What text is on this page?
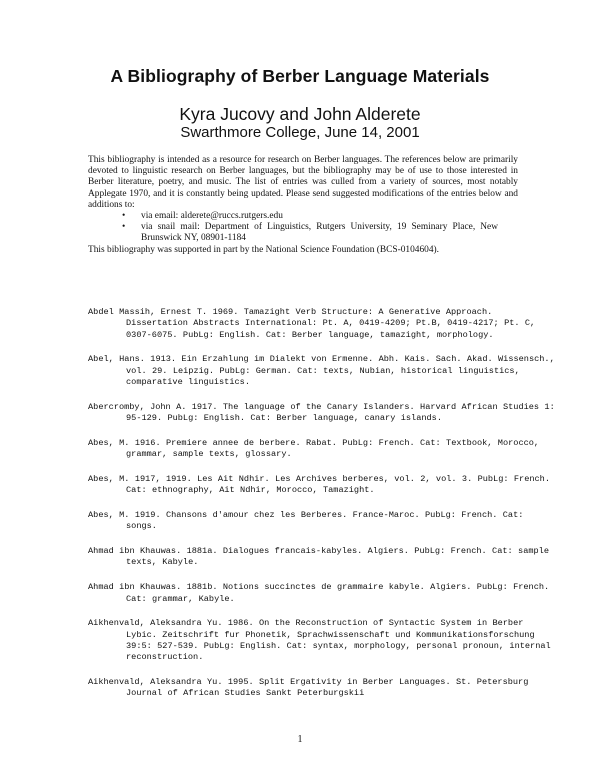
A Bibliography of Berber Language Materials
Kyra Jucovy and John Alderete
Swarthmore College, June 14, 2001

This bibliography is intended as a resource for research on Berber languages. The references below are primarily devoted to linguistic research on Berber languages, but the bibliography may be of use to those interested in Berber literature, poetry, and music. The list of entries was culled from a variety of sources, most notably Applegate 1970, and it is constantly being updated. Please send suggested modifications of the entries below and additions to:

• via email: alderete@ruccs.rutgers.edu
• via snail mail: Department of Linguistics, Rutgers University, 19 Seminary Place, New Brunswick NY, 08901-1184

This bibliography was supported in part by the National Science Foundation (BCS-0104604).

Abdel Massih, Ernest T. 1969. Tamazight Verb Structure: A Generative Approach. Dissertation Abstracts International: Pt. A, 0419-4209; Pt.B, 0419-4217; Pt. C, 0307-6075. PubLg: English. Cat: Berber language, tamazight, morphology.

Abel, Hans. 1913. Ein Erzahlung im Dialekt von Ermenne. Abh. Kais. Sach. Akad. Wissensch., vol. 29. Leipzig. PubLg: German. Cat: texts, Nubian, historical linguistics, comparative linguistics.

Abercromby, John A. 1917. The language of the Canary Islanders. Harvard African Studies 1: 95-129. PubLg: English. Cat: Berber language, canary islands.

Abes, M. 1916. Premiere annee de berbere. Rabat. PubLg: French. Cat: Textbook, Morocco, grammar, sample texts, glossary.

Abes, M. 1917, 1919. Les Ait Ndhir. Les Archives berberes, vol. 2, vol. 3. PubLg: French. Cat: ethnography, Ait Ndhir, Morocco, Tamazight.

Abes, M. 1919. Chansons d'amour chez les Berberes. France-Maroc. PubLg: French. Cat: songs.

Ahmad ibn Khauwas. 1881a. Dialogues francais-kabyles. Algiers. PubLg: French. Cat: sample texts, Kabyle.

Ahmad ibn Khauwas. 1881b. Notions succinctes de grammaire kabyle. Algiers. PubLg: French. Cat: grammar, Kabyle.

Aikhenvald, Aleksandra Yu. 1986. On the Reconstruction of Syntactic System in Berber Lybic. Zeitschrift fur Phonetik, Sprachwissenschaft und Kommunikationsforschung 39:5: 527-539. PubLg: English. Cat: syntax, morphology, personal pronoun, internal reconstruction.

Aikhenvald, Aleksandra Yu. 1995. Split Ergativity in Berber Languages. St. Petersburg Journal of African Studies Sankt Peterburgskii

1
